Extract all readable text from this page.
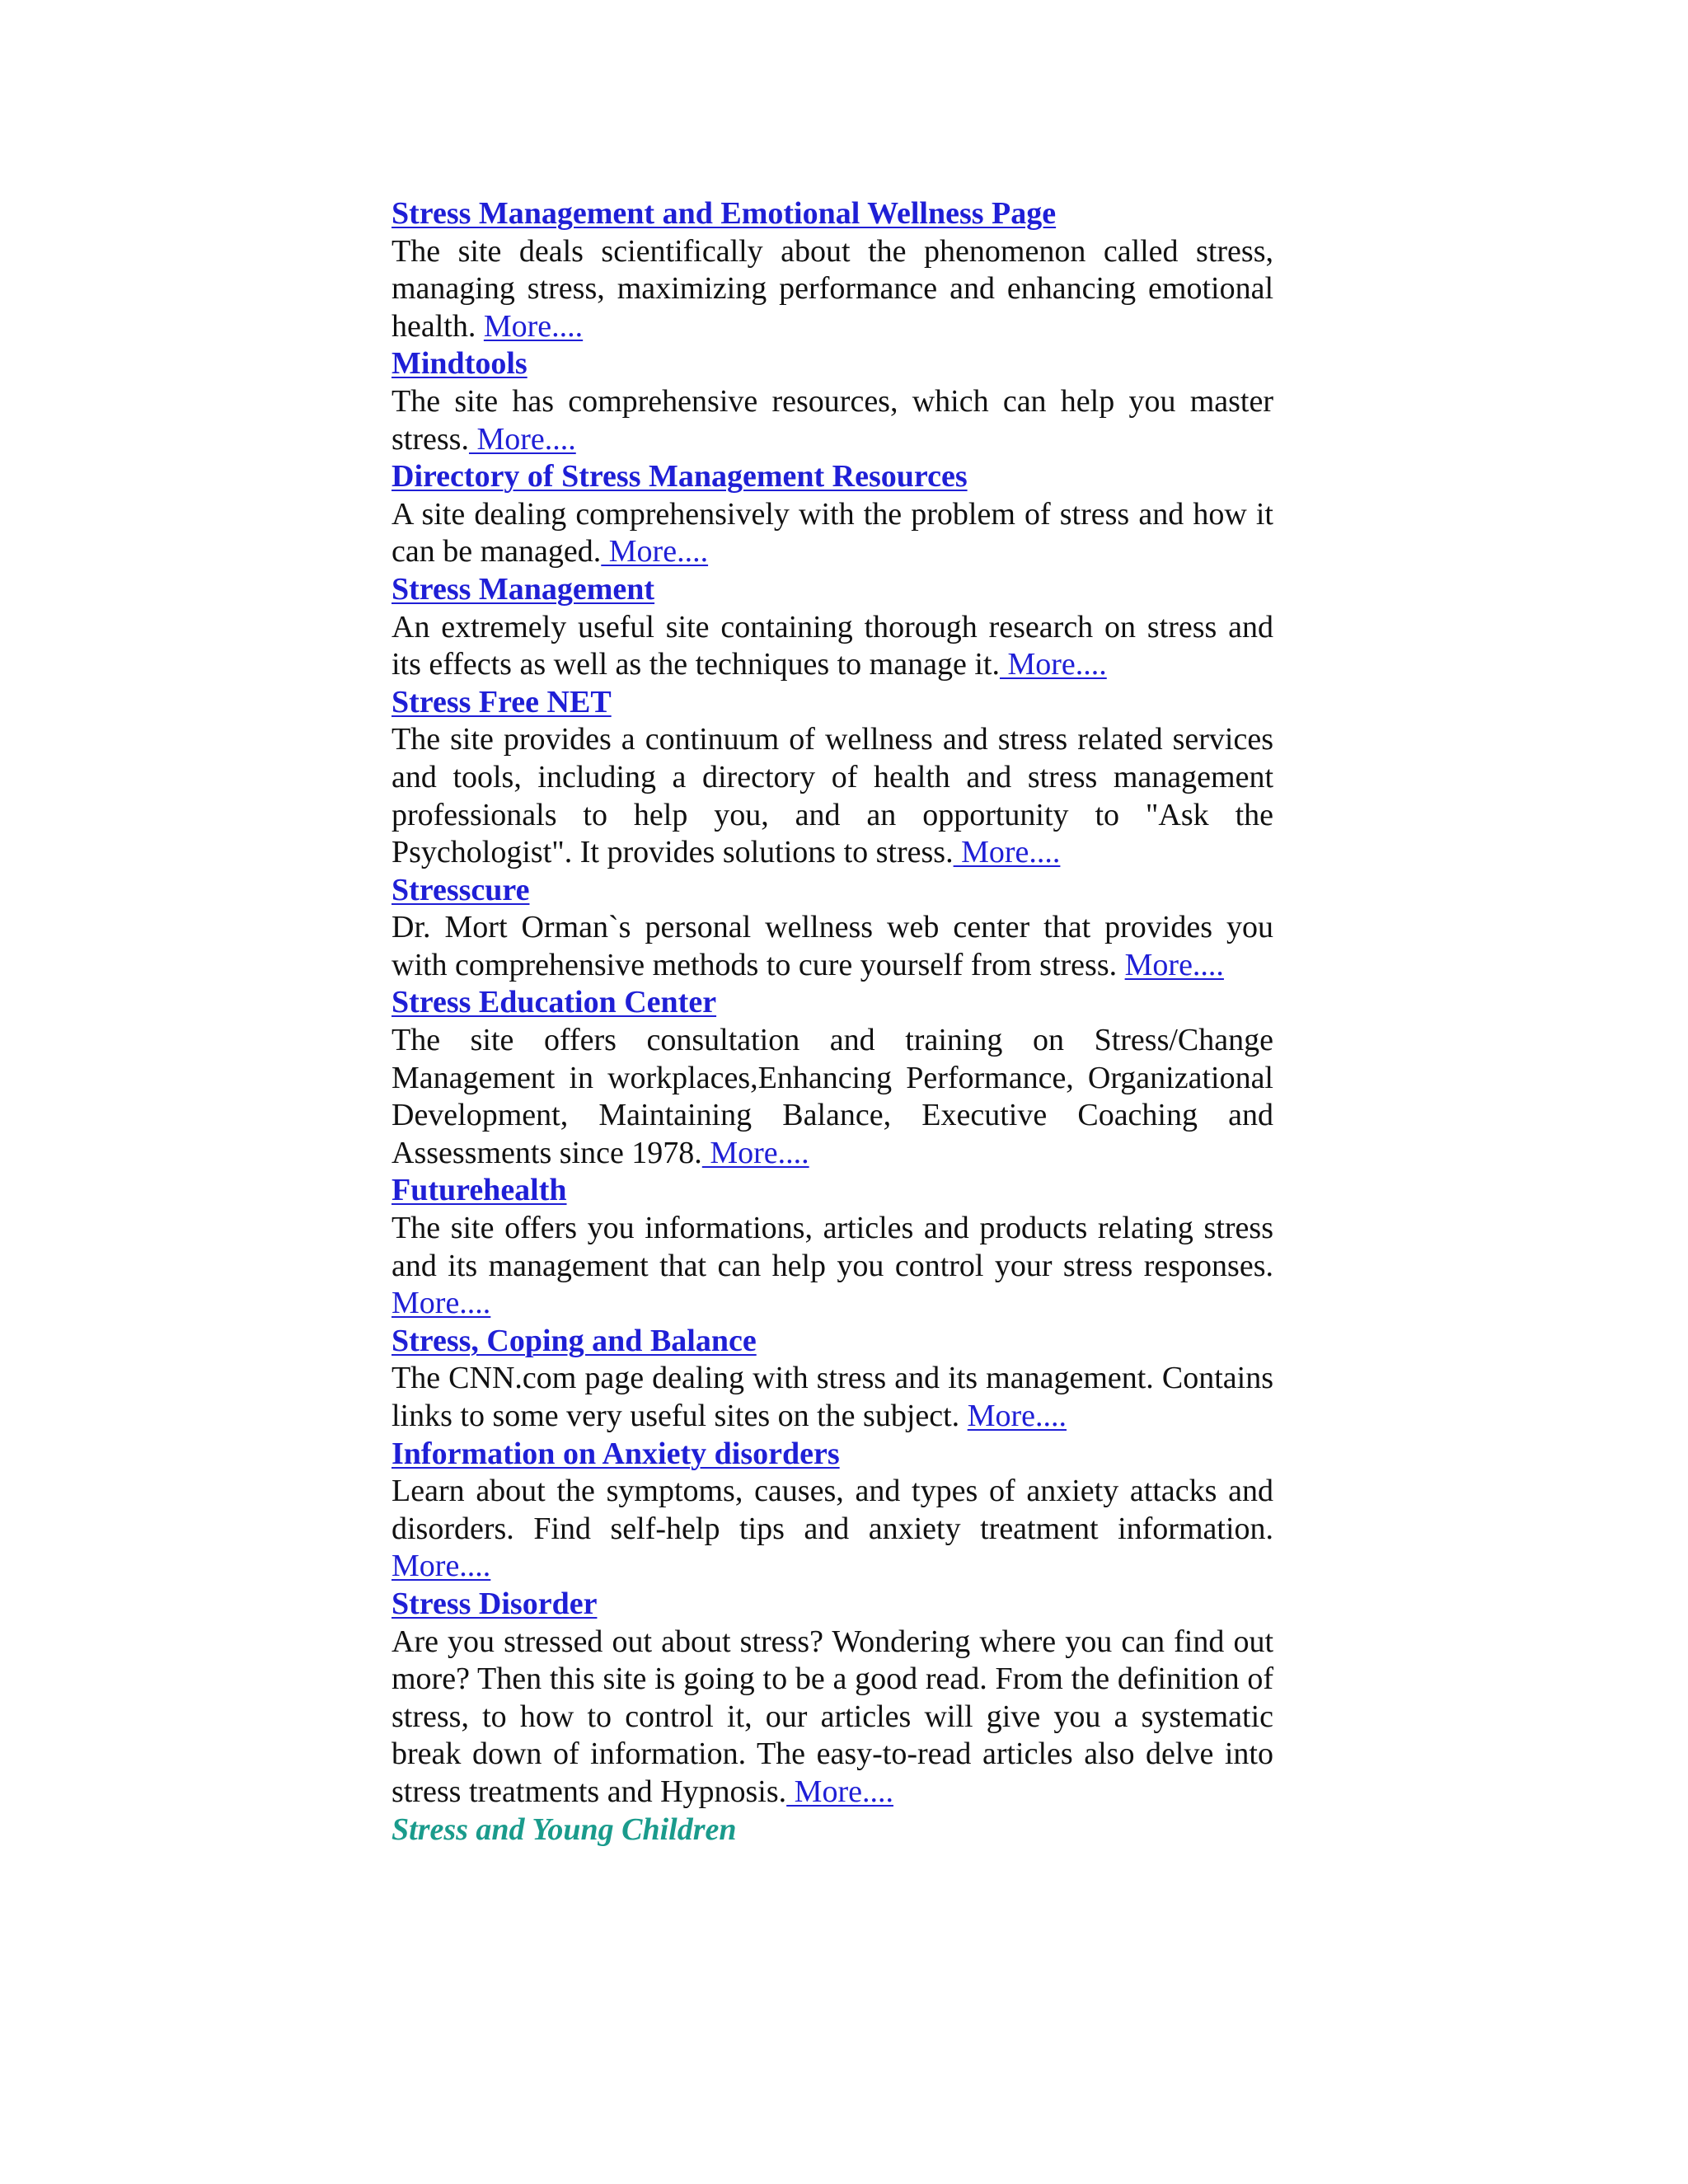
Stress Management and Emotional Wellness Page

The site deals scientifically about the phenomenon called stress, managing stress, maximizing performance and enhancing emotional health. More....

Mindtools

The site has comprehensive resources, which can help you master stress. More....

Directory of Stress Management Resources

A site dealing comprehensively with the problem of stress and how it can be managed. More....

Stress Management

An extremely useful site containing thorough research on stress and its effects as well as the techniques to manage it. More....

Stress Free NET

The site provides a continuum of wellness and stress related services and tools, including a directory of health and stress management professionals to help you, and an opportunity to "Ask the Psychologist". It provides solutions to stress. More....

Stresscure

Dr. Mort Orman`s personal wellness web center that provides you with comprehensive methods to cure yourself from stress. More....

Stress Education Center

The site offers consultation and training on Stress/Change Management in workplaces,Enhancing Performance, Organizational Development, Maintaining Balance, Executive Coaching and Assessments since 1978. More....

Futurehealth

The site offers you informations, articles and products relating stress and its management that can help you control your stress responses. More....

Stress, Coping and Balance

The CNN.com page dealing with stress and its management. Contains links to some very useful sites on the subject. More....

Information on Anxiety disorders

Learn about the symptoms, causes, and types of anxiety attacks and disorders. Find self-help tips and anxiety treatment information. More....

Stress Disorder

Are you stressed out about stress? Wondering where you can find out more? Then this site is going to be a good read. From the definition of stress, to how to control it, our articles will give you a systematic break down of information. The easy-to-read articles also delve into stress treatments and Hypnosis. More....

Stress and Young Children
